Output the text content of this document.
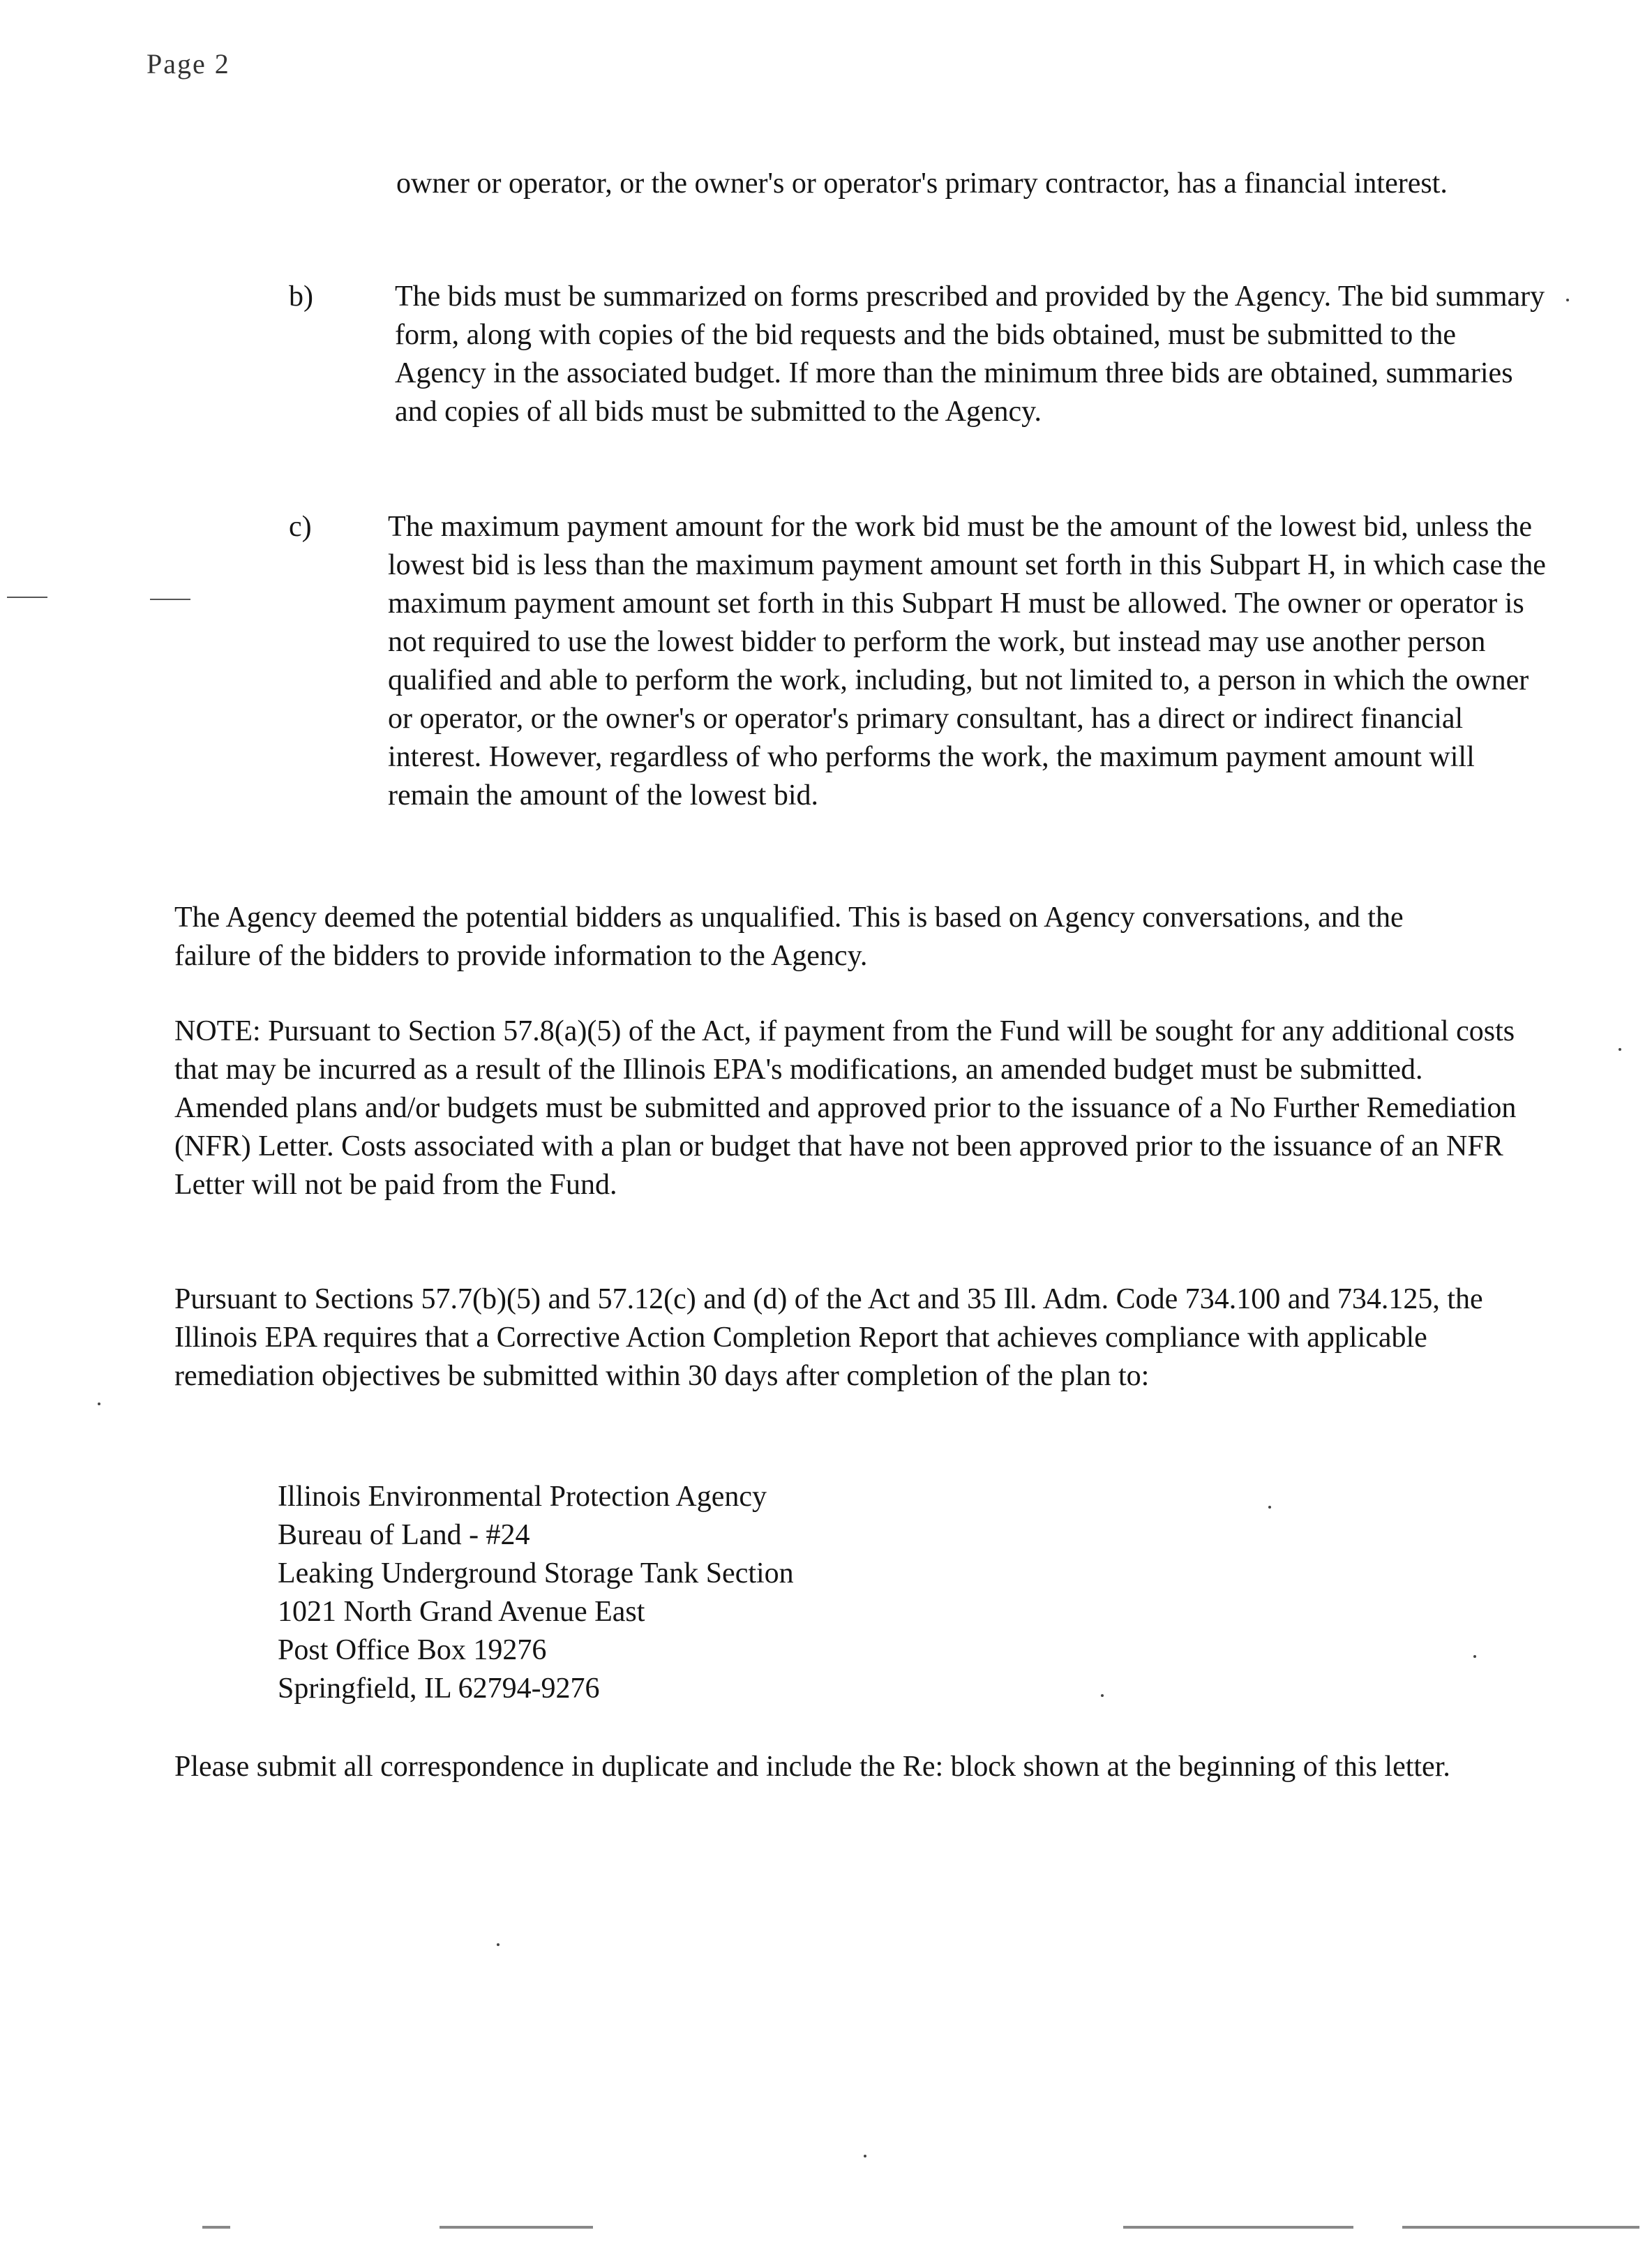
Page 2

owner or operator, or the owner's or operator's primary contractor, has a financial interest.

b)	The bids must be summarized on forms prescribed and provided by the Agency. The bid summary form, along with copies of the bid requests and the bids obtained, must be submitted to the Agency in the associated budget. If more than the minimum three bids are obtained, summaries and copies of all bids must be submitted to the Agency.

c)	The maximum payment amount for the work bid must be the amount of the lowest bid, unless the lowest bid is less than the maximum payment amount set forth in this Subpart H, in which case the maximum payment amount set forth in this Subpart H must be allowed. The owner or operator is not required to use the lowest bidder to perform the work, but instead may use another person qualified and able to perform the work, including, but not limited to, a person in which the owner or operator, or the owner's or operator's primary consultant, has a direct or indirect financial interest. However, regardless of who performs the work, the maximum payment amount will remain the amount of the lowest bid.

The Agency deemed the potential bidders as unqualified. This is based on Agency conversations, and the failure of the bidders to provide information to the Agency.

NOTE: Pursuant to Section 57.8(a)(5) of the Act, if payment from the Fund will be sought for any additional costs that may be incurred as a result of the Illinois EPA's modifications, an amended budget must be submitted. Amended plans and/or budgets must be submitted and approved prior to the issuance of a No Further Remediation (NFR) Letter. Costs associated with a plan or budget that have not been approved prior to the issuance of an NFR Letter will not be paid from the Fund.

Pursuant to Sections 57.7(b)(5) and 57.12(c) and (d) of the Act and 35 Ill. Adm. Code 734.100 and 734.125, the Illinois EPA requires that a Corrective Action Completion Report that achieves compliance with applicable remediation objectives be submitted within 30 days after completion of the plan to:

Illinois Environmental Protection Agency
Bureau of Land - #24
Leaking Underground Storage Tank Section
1021 North Grand Avenue East
Post Office Box 19276
Springfield, IL 62794-9276

Please submit all correspondence in duplicate and include the Re: block shown at the beginning of this letter.
